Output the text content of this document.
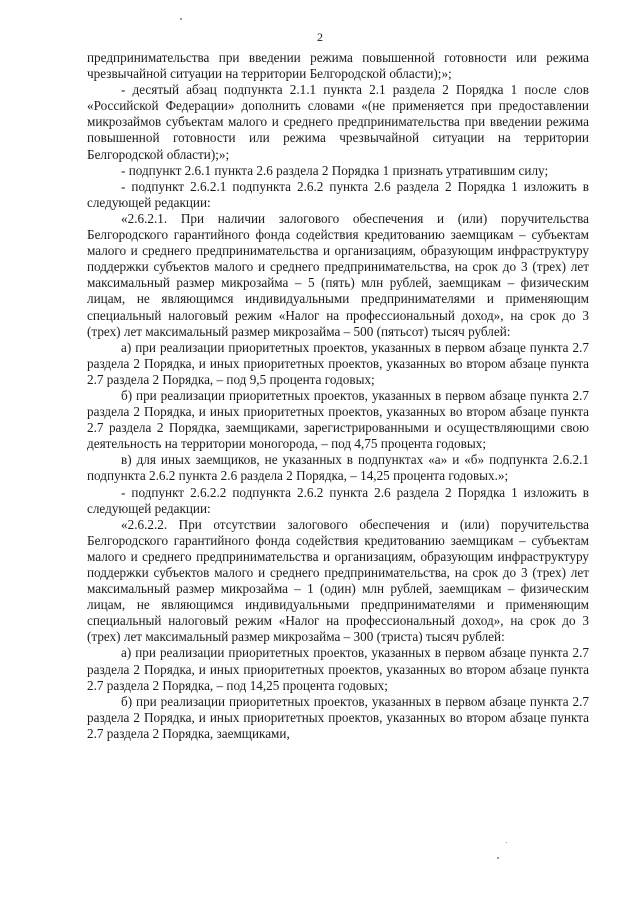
2

предпринимательства при введении режима повышенной готовности или режима чрезвычайной ситуации на территории Белгородской области);»;

- десятый абзац подпункта 2.1.1 пункта 2.1 раздела 2 Порядка 1 после слов «Российской Федерации» дополнить словами «(не применяется при предоставлении микрозаймов субъектам малого и среднего предпринимательства при введении режима повышенной готовности или режима чрезвычайной ситуации на территории Белгородской области);»;

- подпункт 2.6.1 пункта 2.6 раздела 2 Порядка 1 признать утратившим силу;

- подпункт 2.6.2.1 подпункта 2.6.2 пункта 2.6 раздела 2 Порядка 1 изложить в следующей редакции:

«2.6.2.1. При наличии залогового обеспечения и (или) поручительства Белгородского гарантийного фонда содействия кредитованию заемщикам – субъектам малого и среднего предпринимательства и организациям, образующим инфраструктуру поддержки субъектов малого и среднего предпринимательства, на срок до 3 (трех) лет максимальный размер микрозайма – 5 (пять) млн рублей, заемщикам – физическим лицам, не являющимся индивидуальными предпринимателями и применяющим специальный налоговый режим «Налог на профессиональный доход», на срок до 3 (трех) лет максимальный размер микрозайма – 500 (пятьсот) тысяч рублей:

а) при реализации приоритетных проектов, указанных в первом абзаце пункта 2.7 раздела 2 Порядка, и иных приоритетных проектов, указанных во втором абзаце пункта 2.7 раздела 2 Порядка, – под 9,5 процента годовых;

б) при реализации приоритетных проектов, указанных в первом абзаце пункта 2.7 раздела 2 Порядка, и иных приоритетных проектов, указанных во втором абзаце пункта 2.7 раздела 2 Порядка, заемщиками, зарегистрированными и осуществляющими свою деятельность на территории моногорода, – под 4,75 процента годовых;

в) для иных заемщиков, не указанных в подпунктах «а» и «б» подпункта 2.6.2.1 подпункта 2.6.2 пункта 2.6 раздела 2 Порядка, – 14,25 процента годовых.»;

- подпункт 2.6.2.2 подпункта 2.6.2 пункта 2.6 раздела 2 Порядка 1 изложить в следующей редакции:

«2.6.2.2. При отсутствии залогового обеспечения и (или) поручительства Белгородского гарантийного фонда содействия кредитованию заемщикам – субъектам малого и среднего предпринимательства и организациям, образующим инфраструктуру поддержки субъектов малого и среднего предпринимательства, на срок до 3 (трех) лет максимальный размер микрозайма – 1 (один) млн рублей, заемщикам – физическим лицам, не являющимся индивидуальными предпринимателями и применяющим специальный налоговый режим «Налог на профессиональный доход», на срок до 3 (трех) лет максимальный размер микрозайма – 300 (триста) тысяч рублей:

а) при реализации приоритетных проектов, указанных в первом абзаце пункта 2.7 раздела 2 Порядка, и иных приоритетных проектов, указанных во втором абзаце пункта 2.7 раздела 2 Порядка, – под 14,25 процента годовых;

б) при реализации приоритетных проектов, указанных в первом абзаце пункта 2.7 раздела 2 Порядка, и иных приоритетных проектов, указанных во втором абзаце пункта 2.7 раздела 2 Порядка, заемщиками,
